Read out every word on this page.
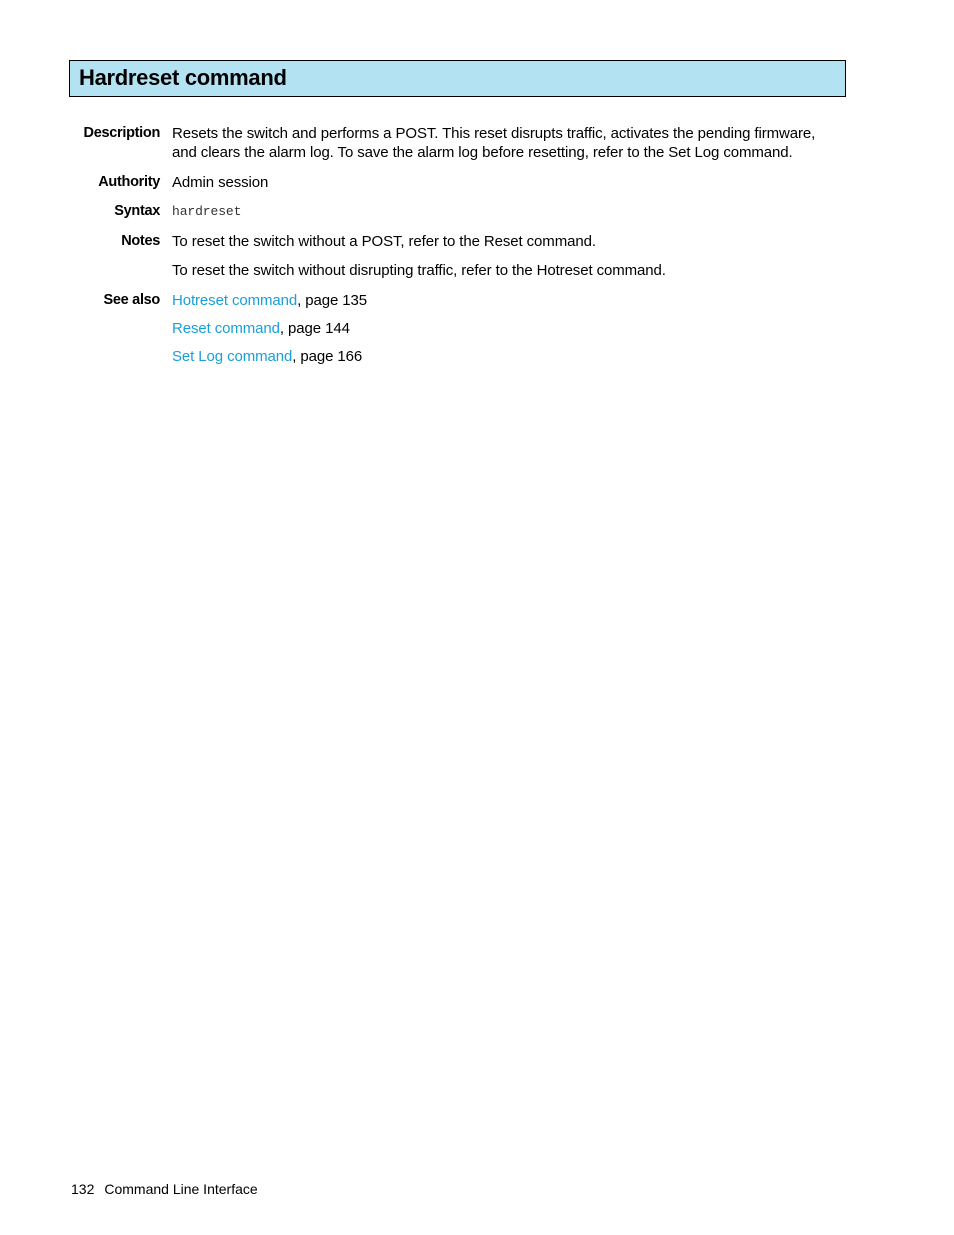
Hardreset command
Description Resets the switch and performs a POST. This reset disrupts traffic, activates the pending firmware, and clears the alarm log. To save the alarm log before resetting, refer to the Set Log command.
Authority Admin session
Syntax hardreset
Notes To reset the switch without a POST, refer to the Reset command.
To reset the switch without disrupting traffic, refer to the Hotreset command.
See also Hotreset command, page 135
Reset command, page 144
Set Log command, page 166
132 Command Line Interface
